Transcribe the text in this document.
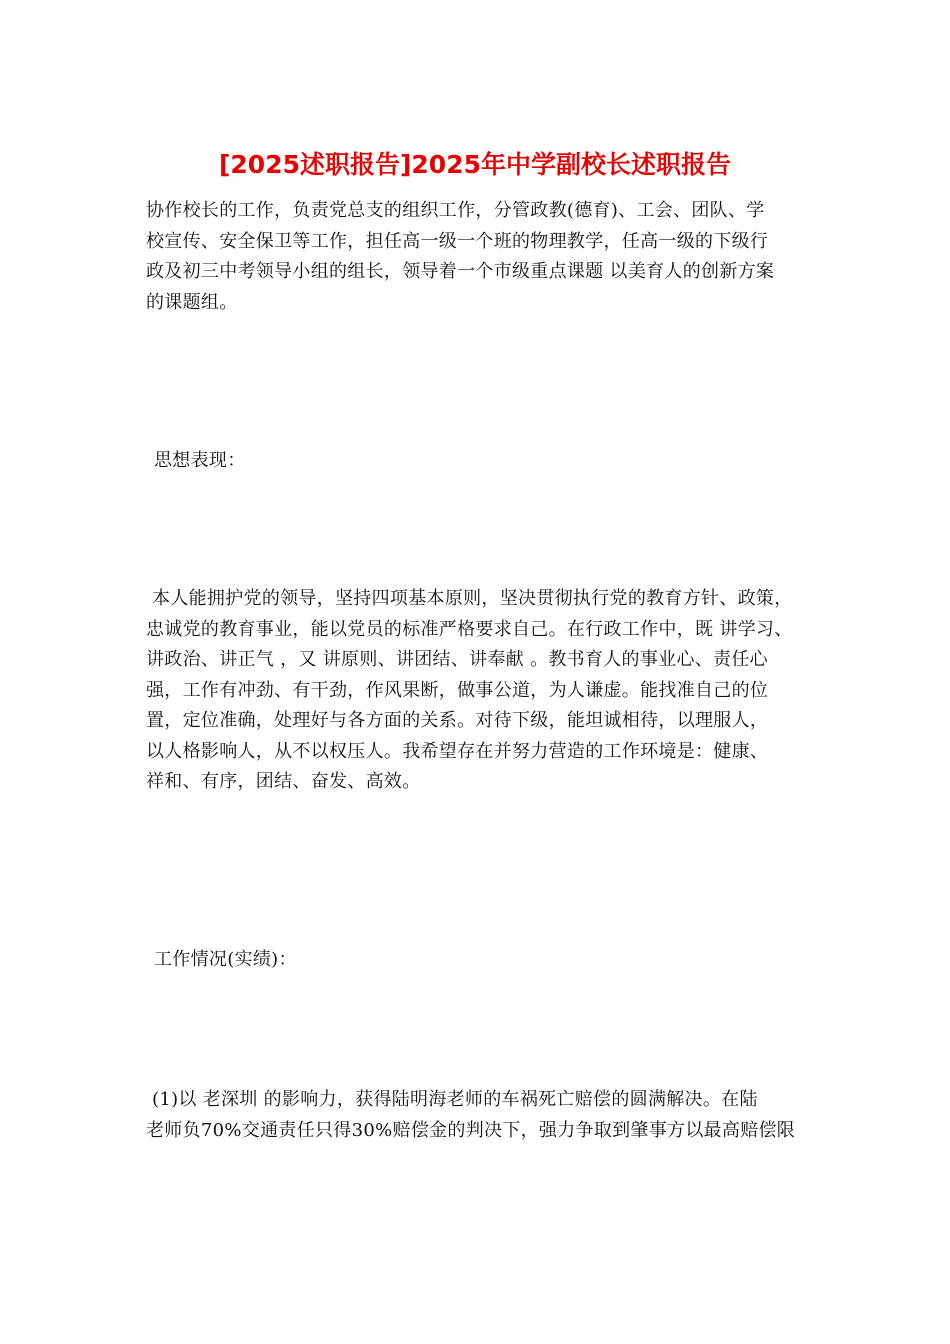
[2025述职报告]2025年中学副校长述职报告

协作校长的工作，负责党总支的组织工作，分管政教(德育)、工会、团队、学
校宣传、安全保卫等工作，担任高一级一个班的物理教学，任高一级的下级行
政及初三中考领导小组的组长，领导着一个市级重点课题 以美育人的创新方案
的课题组。

思想表现：

本人能拥护党的领导，坚持四项基本原则，坚决贯彻执行党的教育方针、政策，
忠诚党的教育事业，能以党员的标准严格要求自己。在行政工作中，既 讲学习、
讲政治、讲正气 ，又 讲原则、讲团结、讲奉献 。教书育人的事业心、责任心
强，工作有冲劲、有干劲，作风果断，做事公道，为人谦虚。能找准自己的位
置，定位准确，处理好与各方面的关系。对待下级，能坦诚相待，以理服人，
以人格影响人，从不以权压人。我希望存在并努力营造的工作环境是：健康、
祥和、有序，团结、奋发、高效。

工作情况(实绩)：

(1)以 老深圳 的影响力，获得陆明海老师的车祸死亡赔偿的圆满解决。在陆
老师负70%交通责任只得30%赔偿金的判决下，强力争取到肇事方以最高赔偿限
